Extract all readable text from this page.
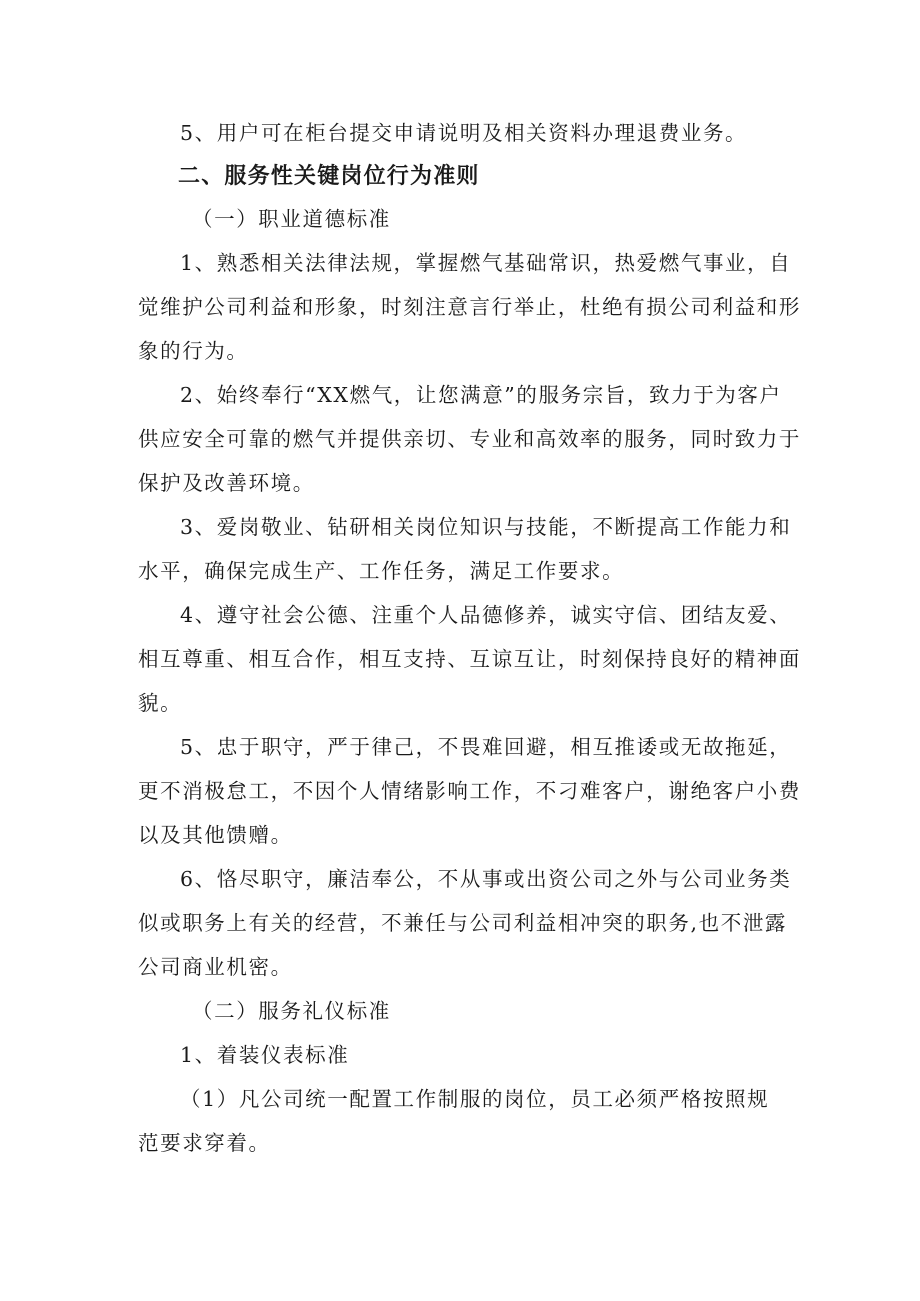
5、用户可在柜台提交申请说明及相关资料办理退费业务。
二、服务性关键岗位行为准则
（一）职业道德标准
1、熟悉相关法律法规，掌握燃气基础常识，热爱燃气事业，自
觉维护公司利益和形象，时刻注意言行举止，杜绝有损公司利益和形
象的行为。
2、始终奉行“XX燃气，让您满意”的服务宗旨，致力于为客户
供应安全可靠的燃气并提供亲切、专业和高效率的服务，同时致力于
保护及改善环境。
3、爱岗敬业、钻研相关岗位知识与技能，不断提高工作能力和
水平，确保完成生产、工作任务，满足工作要求。
4、遵守社会公德、注重个人品德修养，诚实守信、团结友爱、
相互尊重、相互合作，相互支持、互谅互让，时刻保持良好的精神面
貌。
5、忠于职守，严于律己，不畏难回避，相互推诿或无故拖延，
更不消极怠工，不因个人情绪影响工作，不刁难客户，谢绝客户小费
以及其他馈赠。
6、恪尽职守，廉洁奉公，不从事或出资公司之外与公司业务类
似或职务上有关的经营，不兼任与公司利益相冲突的职务,也不泄露
公司商业机密。
（二）服务礼仪标准
1、着装仪表标准
（1）凡公司统一配置工作制服的岗位，员工必须严格按照规
范要求穿着。
